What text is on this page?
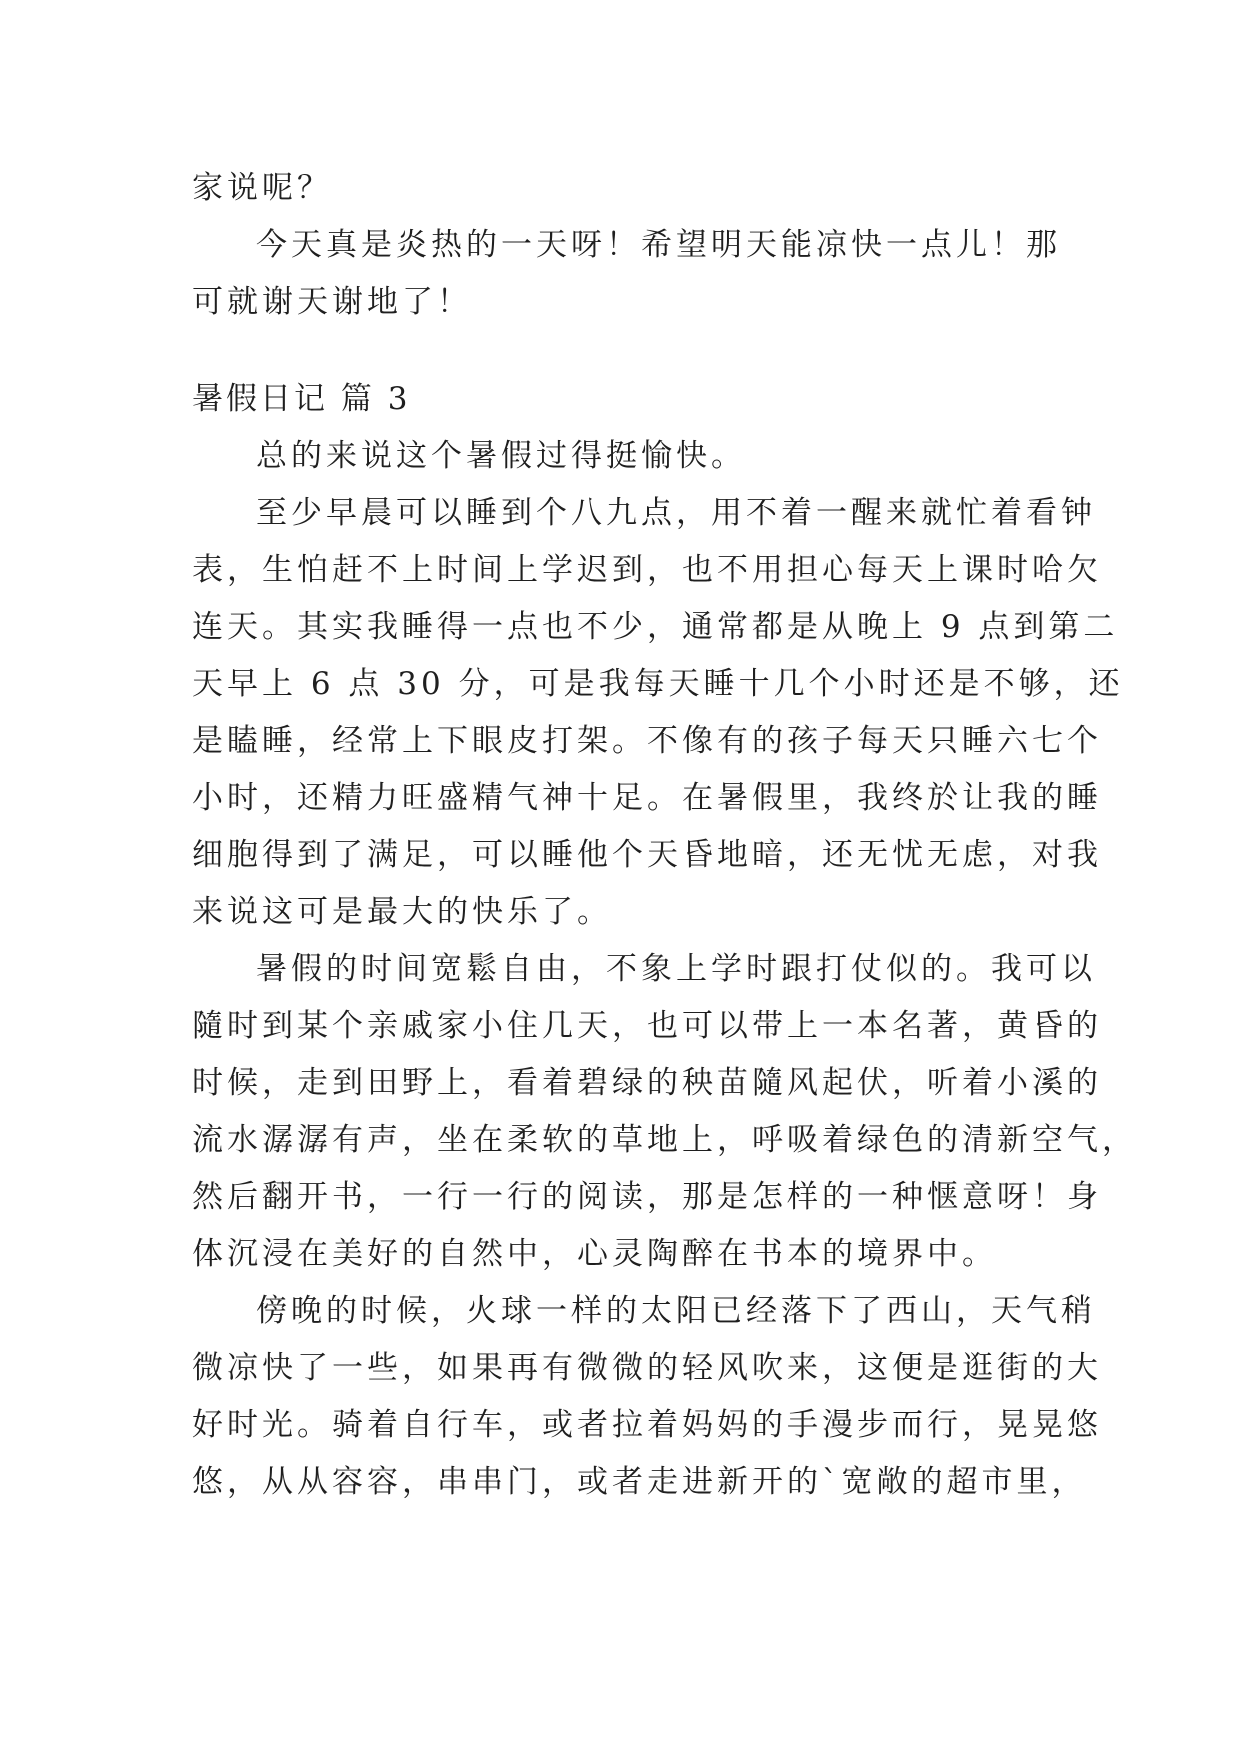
家说呢？
今天真是炎热的一天呀！希望明天能凉快一点儿！那
可就谢天谢地了！
暑假日记 篇 3
总的来说这个暑假过得挺愉快。
至少早晨可以睡到个八九点，用不着一醒来就忙着看钟
表，生怕赶不上时间上学迟到，也不用担心每天上课时哈欠
连天。其实我睡得一点也不少，通常都是从晚上 9 点到第二
天早上 6 点 30 分，可是我每天睡十几个小时还是不够，还
是瞌睡，经常上下眼皮打架。不像有的孩子每天只睡六七个
小时，还精力旺盛精气神十足。在暑假里，我终於让我的睡
细胞得到了满足，可以睡他个天昏地暗，还无忧无虑，对我
来说这可是最大的快乐了。
暑假的时间宽鬆自由，不象上学时跟打仗似的。我可以
隨时到某个亲戚家小住几天，也可以带上一本名著，黄昏的
时候，走到田野上，看着碧绿的秧苗隨风起伏，听着小溪的
流水潺潺有声，坐在柔软的草地上，呼吸着绿色的清新空气，
然后翻开书，一行一行的阅读，那是怎样的一种惬意呀！身
体沉浸在美好的自然中，心灵陶醉在书本的境界中。
傍晚的时候，火球一样的太阳已经落下了西山，天气稍
微凉快了一些，如果再有微微的轻风吹来，这便是逛街的大
好时光。骑着自行车，或者拉着妈妈的手漫步而行，晃晃悠
悠，从从容容，串串门，或者走进新开的`宽敞的超市里，
